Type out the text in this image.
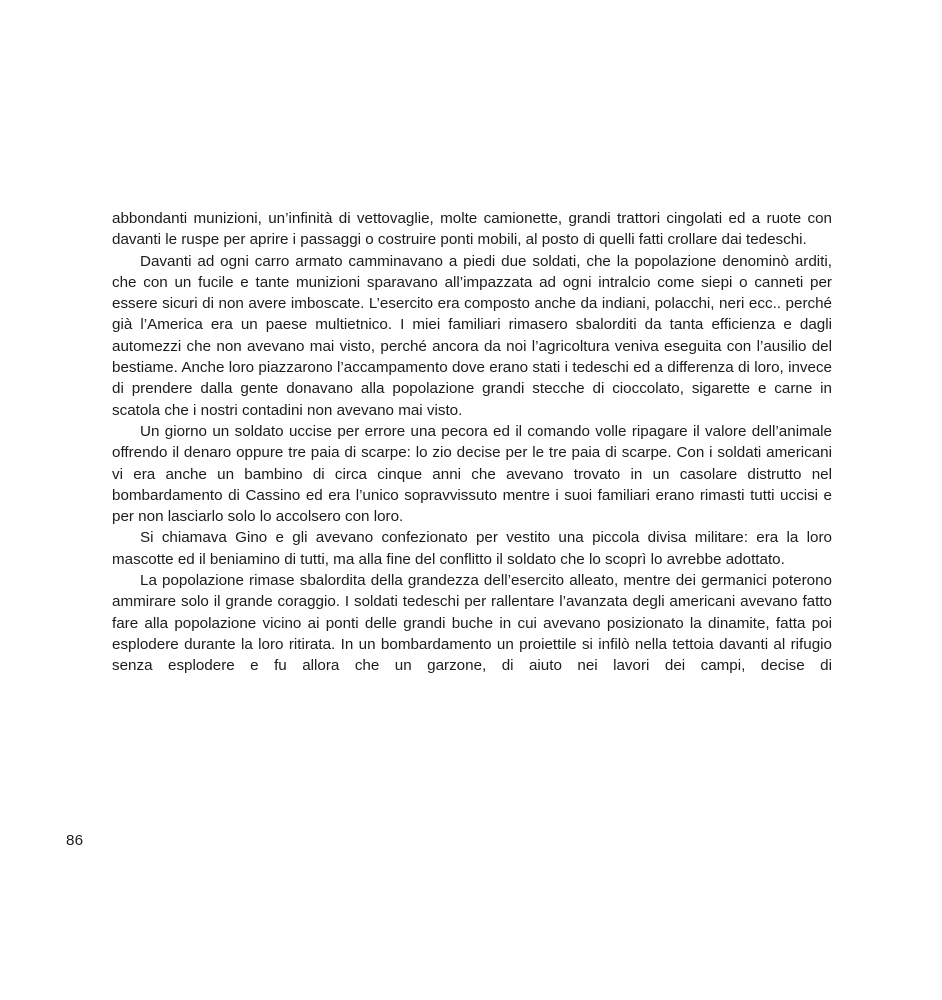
abbondanti munizioni, un’infinità di vettovaglie, molte camionette, grandi trattori cingolati ed a ruote con davanti le ruspe per aprire i passaggi o costruire ponti mobili, al posto di quelli fatti crollare dai tedeschi.

Davanti ad ogni carro armato camminavano a piedi due soldati, che la popolazione denominò arditi, che con un fucile e tante munizioni sparavano all’impazzata ad ogni intralcio come siepi o canneti per essere sicuri di non avere imboscate. L’esercito era composto anche da indiani, polacchi, neri ecc.. perché già l’America era un paese multietnico. I miei familiari rimasero sbalorditi da tanta efficienza e dagli automezzi che non avevano mai visto, perché ancora da noi l’agricoltura veniva eseguita con l’ausilio del bestiame. Anche loro piazzarono l’accampamento dove erano stati i tedeschi ed a differenza di loro, invece di prendere dalla gente donavano alla popolazione grandi stecche di cioccolato, sigarette e carne in scatola che i nostri contadini non avevano mai visto.

Un giorno un soldato uccise per errore una pecora ed il comando volle ripagare il valore dell’animale offrendo il denaro oppure tre paia di scarpe: lo zio decise per le tre paia di scarpe. Con i soldati americani vi era anche un bambino di circa cinque anni che avevano trovato in un casolare distrutto nel bombardamento di Cassino ed era l’unico sopravvissuto mentre i suoi familiari erano rimasti tutti uccisi e per non lasciarlo solo lo accolsero con loro.

Si chiamava Gino e gli avevano confezionato per vestito una piccola divisa militare: era la loro mascotte ed il beniamino di tutti, ma alla fine del conflitto il soldato che lo scoprì lo avrebbe adottato.

La popolazione rimase sbalordita della grandezza dell’esercito alleato, mentre dei germanici poterono ammirare solo il grande coraggio. I soldati tedeschi per rallentare l’avanzata degli americani avevano fatto fare alla popolazione vicino ai ponti delle grandi buche in cui avevano posizionato la dinamite, fatta poi esplodere durante la loro ritirata. In un bombardamento un proiettile si infilò nella tettoia davanti al rifugio senza esplodere e fu allora che un garzone, di aiuto nei lavori dei campi, decise di

86
